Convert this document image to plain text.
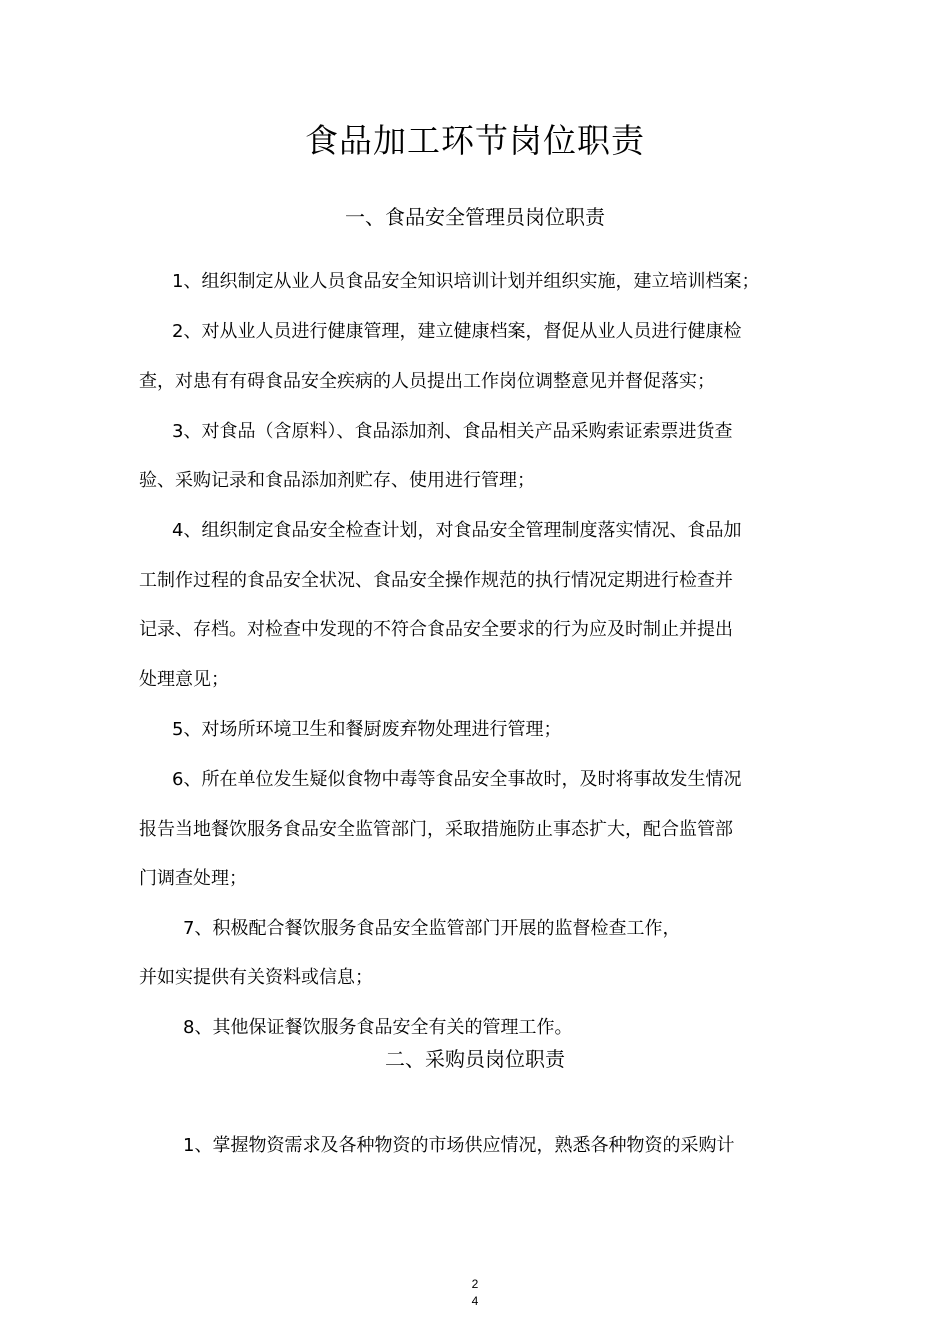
食品加工环节岗位职责
一、食品安全管理员岗位职责
1、组织制定从业人员食品安全知识培训计划并组织实施，建立培训档案；
2、对从业人员进行健康管理，建立健康档案，督促从业人员进行健康检
查，对患有有碍食品安全疾病的人员提出工作岗位调整意见并督促落实；
3、对食品（含原料）、食品添加剂、食品相关产品采购索证索票进货查
验、采购记录和食品添加剂贮存、使用进行管理；
4、组织制定食品安全检查计划，对食品安全管理制度落实情况、食品加
工制作过程的食品安全状况、食品安全操作规范的执行情况定期进行检查并
记录、存档。对检查中发现的不符合食品安全要求的行为应及时制止并提出
处理意见；
5、对场所环境卫生和餐厨废弃物处理进行管理；
6、所在单位发生疑似食物中毒等食品安全事故时，及时将事故发生情况
报告当地餐饮服务食品安全监管部门，采取措施防止事态扩大，配合监管部
门调查处理；
7、积极配合餐饮服务食品安全监管部门开展的监督检查工作，
并如实提供有关资料或信息；
8、其他保证餐饮服务食品安全有关的管理工作。
二、采购员岗位职责
1、掌握物资需求及各种物资的市场供应情况，熟悉各种物资的采购计
2
4
